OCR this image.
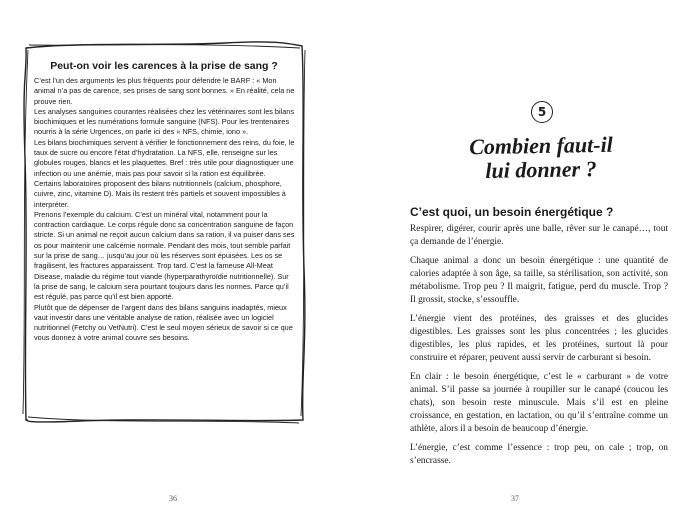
Peut-on voir les carences à la prise de sang ?

C’est l’un des arguments les plus fréquents pour défendre le BARF : « Mon animal n’a pas de carence, ses prises de sang sont bonnes. » En réalité, cela ne prouve rien.

Les analyses sanguines courantes réalisées chez les vétérinaires sont les bilans biochimiques et les numérations formule sanguine (NFS). Pour les trentenaires nourris à la série Urgences, on parle ici des « NFS, chimie, iono ».

Les bilans biochimiques servent à vérifier le fonctionnement des reins, du foie, le taux de sucre ou encore l’état d’hydratation. La NFS, elle, renseigne sur les globules rouges, blancs et les plaquettes. Bref : très utile pour diagnostiquer une infection ou une anémie, mais pas pour savoir si la ration est équilibrée.

Certains laboratoires proposent des bilans nutritionnels (calcium, phosphore, cuivre, zinc, vitamine D). Mais ils restent très partiels et souvent impossibles à interpréter.

Prenons l’exemple du calcium. C’est un minéral vital, notamment pour la contraction cardiaque. Le corps régule donc sa concentration sanguine de façon stricte. Si un animal ne reçoit aucun calcium dans sa ration, il va puiser dans ses os pour maintenir une calcémie normale. Pendant des mois, tout semble parfait sur la prise de sang… jusqu’au jour où les réserves sont épuisées. Les os se fragilisent, les fractures apparaissent. Trop tard. C’est la fameuse All-Meat Disease, maladie du régime tout viande (hyperparathyroïdie nutritionnelle). Sur la prise de sang, le calcium sera pourtant toujours dans les normes. Parce qu’il est régulé, pas parce qu’il est bien apporté.

Plutôt que de dépenser de l’argent dans des bilans sanguins inadaptés, mieux vaut investir dans une véritable analyse de ration, réalisée avec un logiciel nutritionnel (Fetchy ou VetNutri). C’est le seul moyen sérieux de savoir si ce que vous donnez à votre animal couvre ses besoins.

36
5
Combien faut-il
lui donner ?
C’est quoi, un besoin énergétique ?

Respirer, digérer, courir après une balle, rêver sur le canapé…, tout ça demande de l’énergie.

Chaque animal a donc un besoin énergétique : une quantité de calories adaptée à son âge, sa taille, sa stérilisation, son activité, son métabolisme. Trop peu ? Il maigrit, fatigue, perd du muscle. Trop ? Il grossit, stocke, s’essouffle.

L’énergie vient des protéines, des graisses et des glucides digestibles. Les graisses sont les plus concentrées ; les glucides digestibles, les plus rapides, et les protéines, surtout là pour construire et réparer, peuvent aussi servir de carburant si besoin.

En clair : le besoin énergétique, c’est le « carburant » de votre animal. S’il passe sa journée à roupiller sur le canapé (coucou les chats), son besoin reste minuscule. Mais s’il est en pleine croissance, en gestation, en lactation, ou qu’il s’entraîne comme un athlète, alors il a besoin de beaucoup d’énergie.

L’énergie, c’est comme l’essence : trop peu, on cale ; trop, on s’encrasse.

37
